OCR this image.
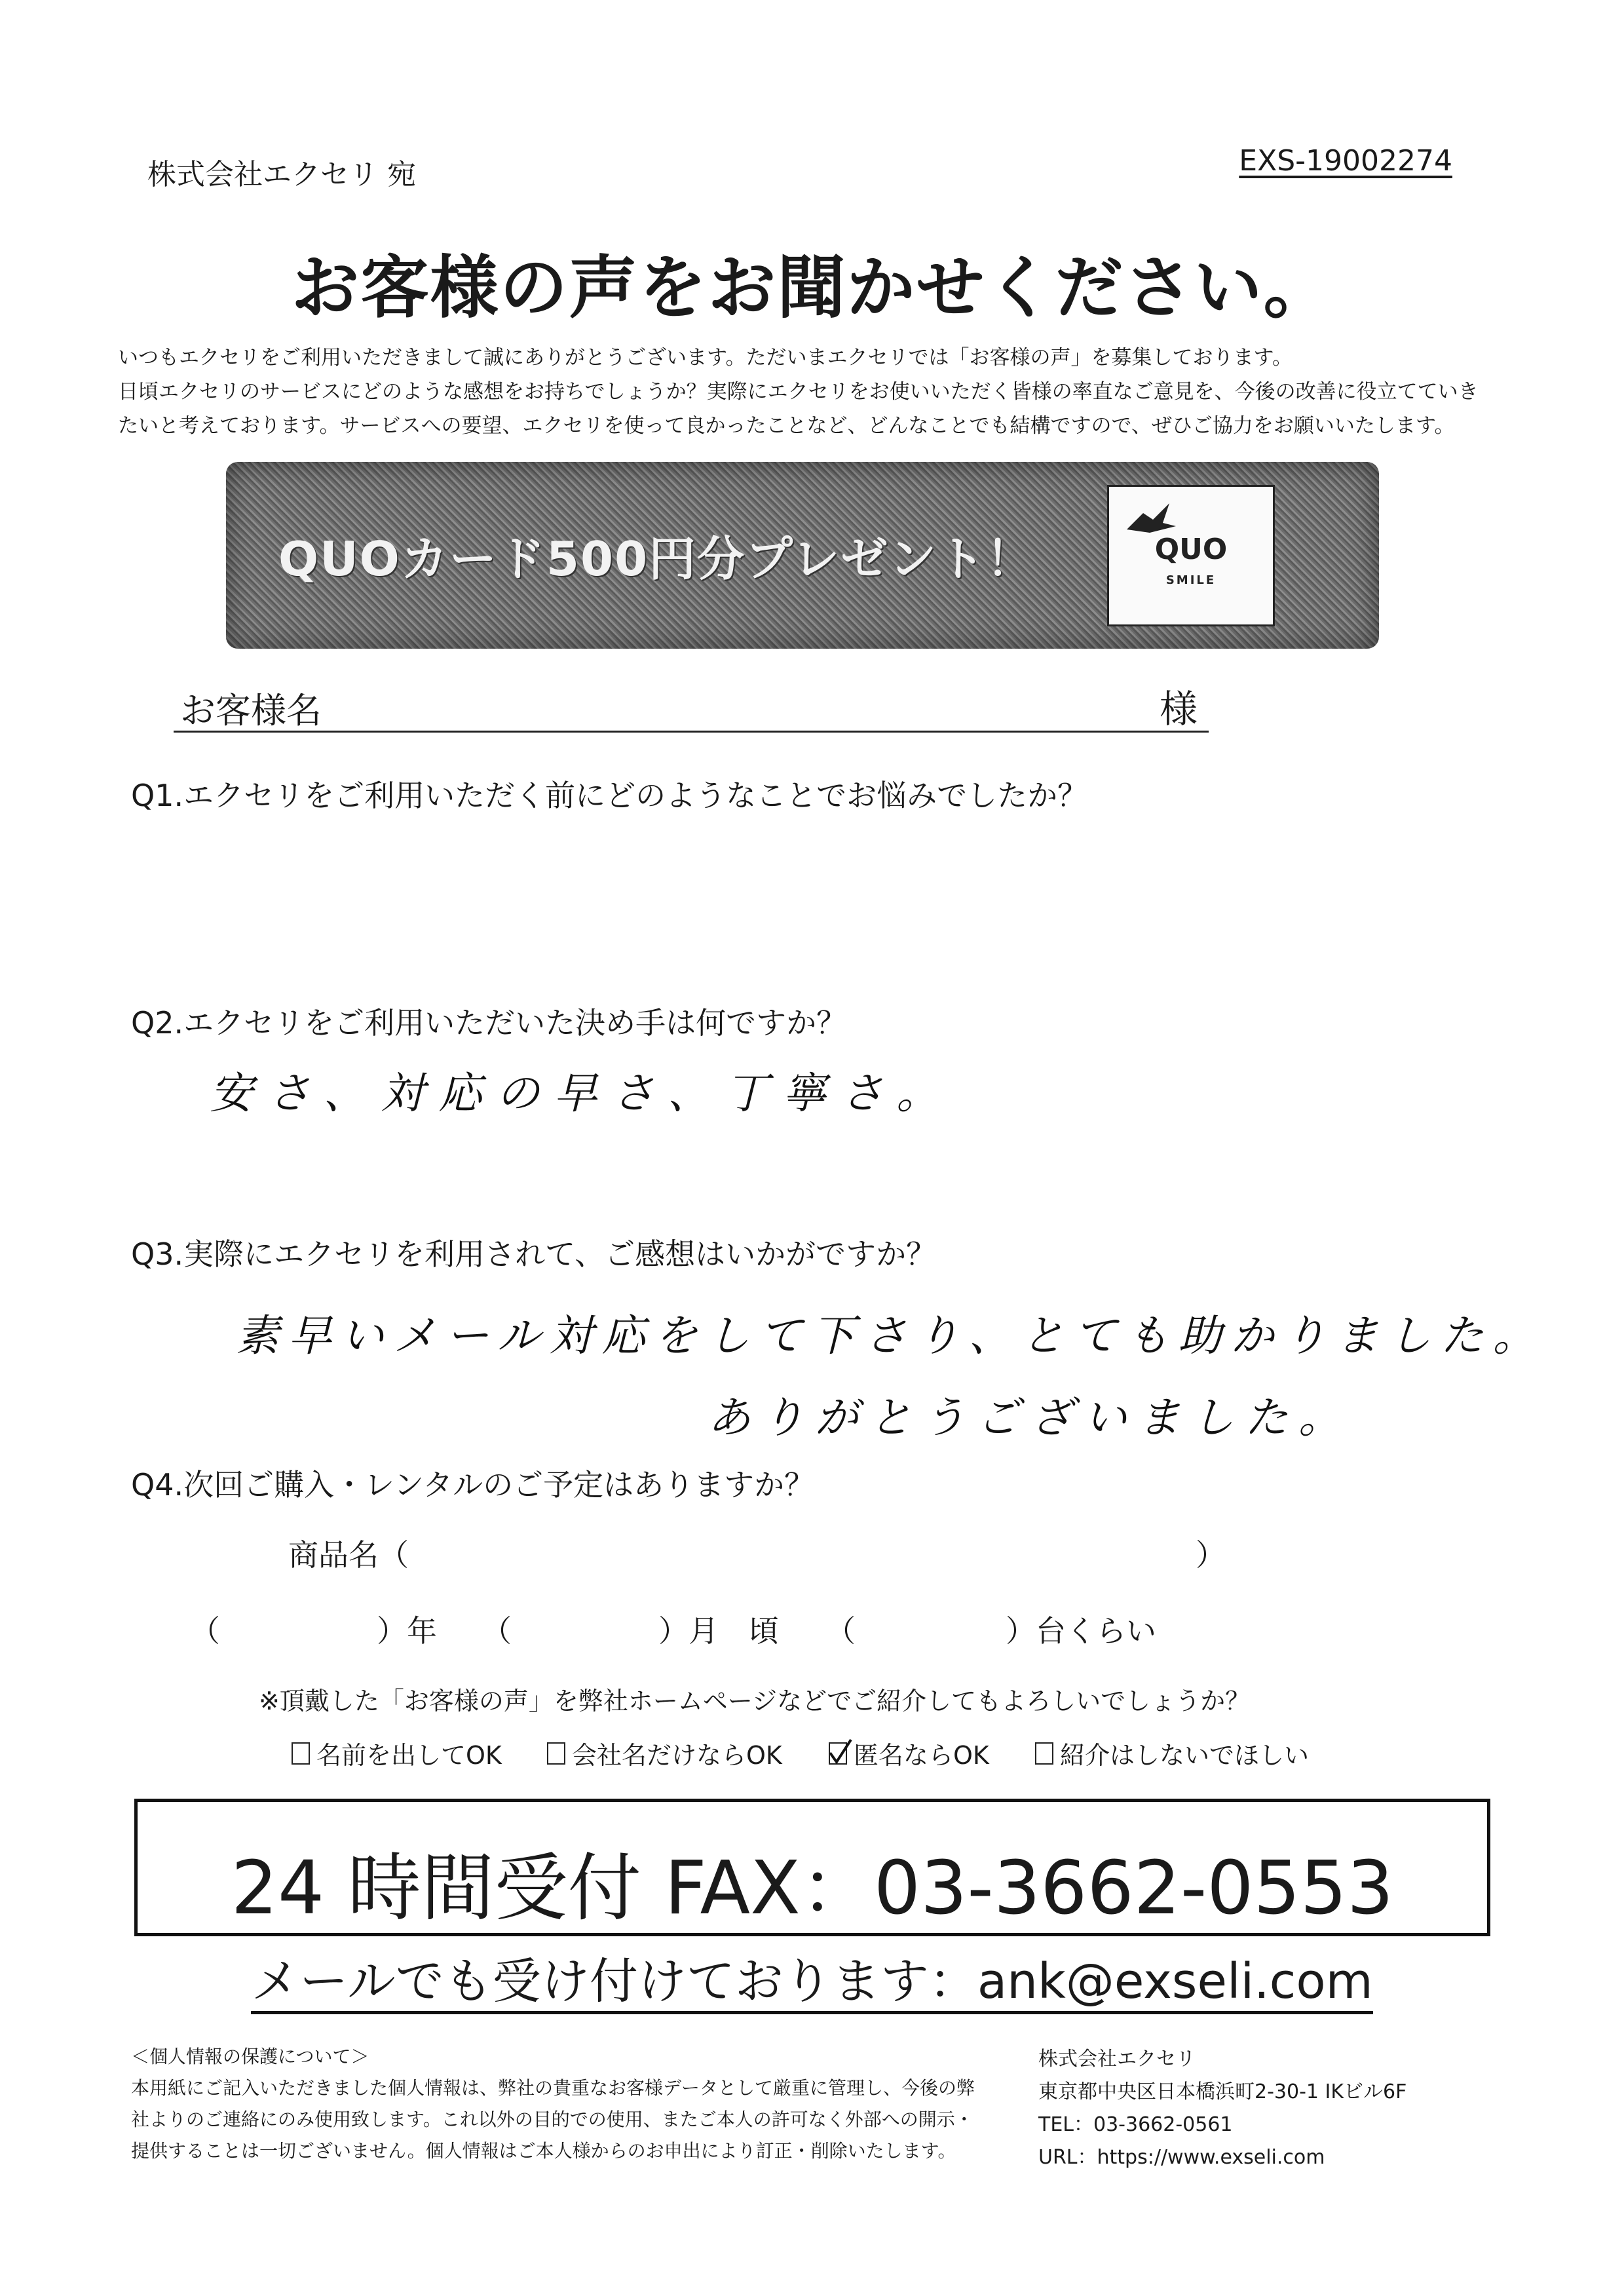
株式会社エクセリ 宛	EXS-19002274
お客様の声をお聞かせください。

いつもエクセリをご利用いただきまして誠にありがとうございます。ただいまエクセリでは「お客様の声」を募集しております。

日頃エクセリのサービスにどのような感想をお持ちでしょうか？実際にエクセリをお使いいただく皆様の率直なご意見を、今後の改善に役立てていき

たいと考えております。サービスへの要望、エクセリを使って良かったことなど、どんなことでも結構ですので、ぜひご協力をお願いいたします。

QUOカード500円分プレゼント！	QUO
SMILE
お客様名	様
Q1.エクセリをご利用いただく前にどのようなことでお悩みでしたか？
Q2.エクセリをご利用いただいた決め手は何ですか？
安さ、対応の早さ、丁寧さ。
Q3.実際にエクセリを利用されて、ご感想はいかがですか？
素早いメール対応をして下さり、とても助かりました。
ありがとうございました。
Q4.次回ご購入・レンタルのご予定はありますか？
商品名（	）
（	）年 （	）月　頃 （	）台くらい
※頂戴した「お客様の声」を弊社ホームページなどでご紹介してもよろしいでしょうか？
名前を出してOK	会社名だけならOK	匿名ならOK	紹介はしないでほしい
24 時間受付 FAX：03-3662-0553
メールでも受け付けております：ank@exseli.com

＜個人情報の保護について＞

本用紙にご記入いただきました個人情報は、弊社の貴重なお客様データとして厳重に管理し、今後の弊

社よりのご連絡にのみ使用致します。これ以外の目的での使用、またご本人の許可なく外部への開示・

提供することは一切ございません。個人情報はご本人様からのお申出により訂正・削除いたします。

株式会社エクセリ

東京都中央区日本橋浜町2-30-1 IKビル6F

TEL：03-3662-0561

URL：https://www.exseli.com
